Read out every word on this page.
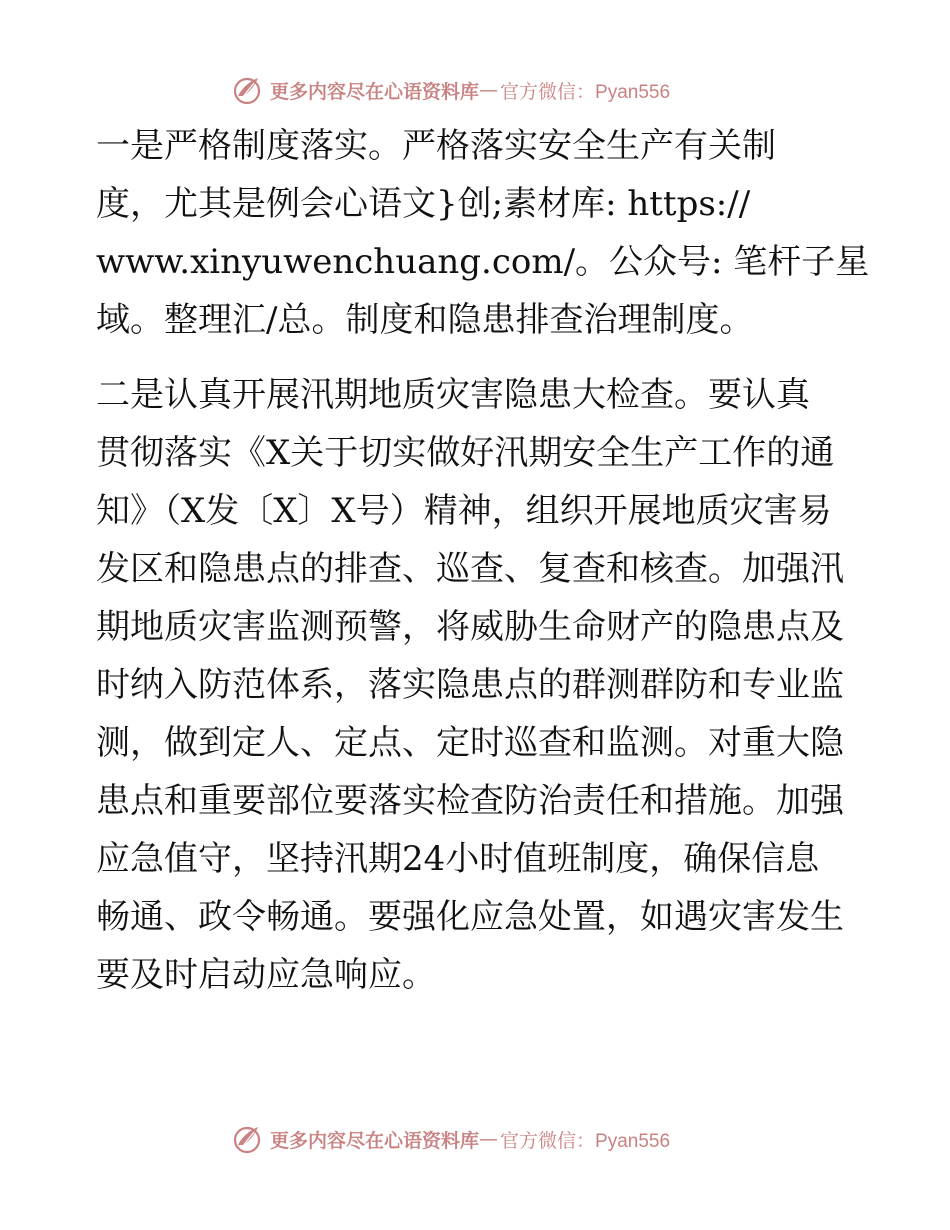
更多内容尽在心语资料库 — 官方微信：Pyan556

一是严格制度落实。严格落实安全生产有关制
度，尤其是例会心语文}创;素材库: https://
www.xinyuwenchuang.com/。公众号: 笔杆子星
域。整理汇/总。制度和隐患排查治理制度。

二是认真开展汛期地质灾害隐患大检查。要认真
贯彻落实《X关于切实做好汛期安全生产工作的通
知》（X发〔X〕X号）精神，组织开展地质灾害易
发区和隐患点的排查、巡查、复查和核查。加强汛
期地质灾害监测预警，将威胁生命财产的隐患点及
时纳入防范体系，落实隐患点的群测群防和专业监
测，做到定人、定点、定时巡查和监测。对重大隐
患点和重要部位要落实检查防治责任和措施。加强
应急值守，坚持汛期24小时值班制度，确保信息
畅通、政令畅通。要强化应急处置，如遇灾害发生
要及时启动应急响应。

更多内容尽在心语资料库 — 官方微信：Pyan556
